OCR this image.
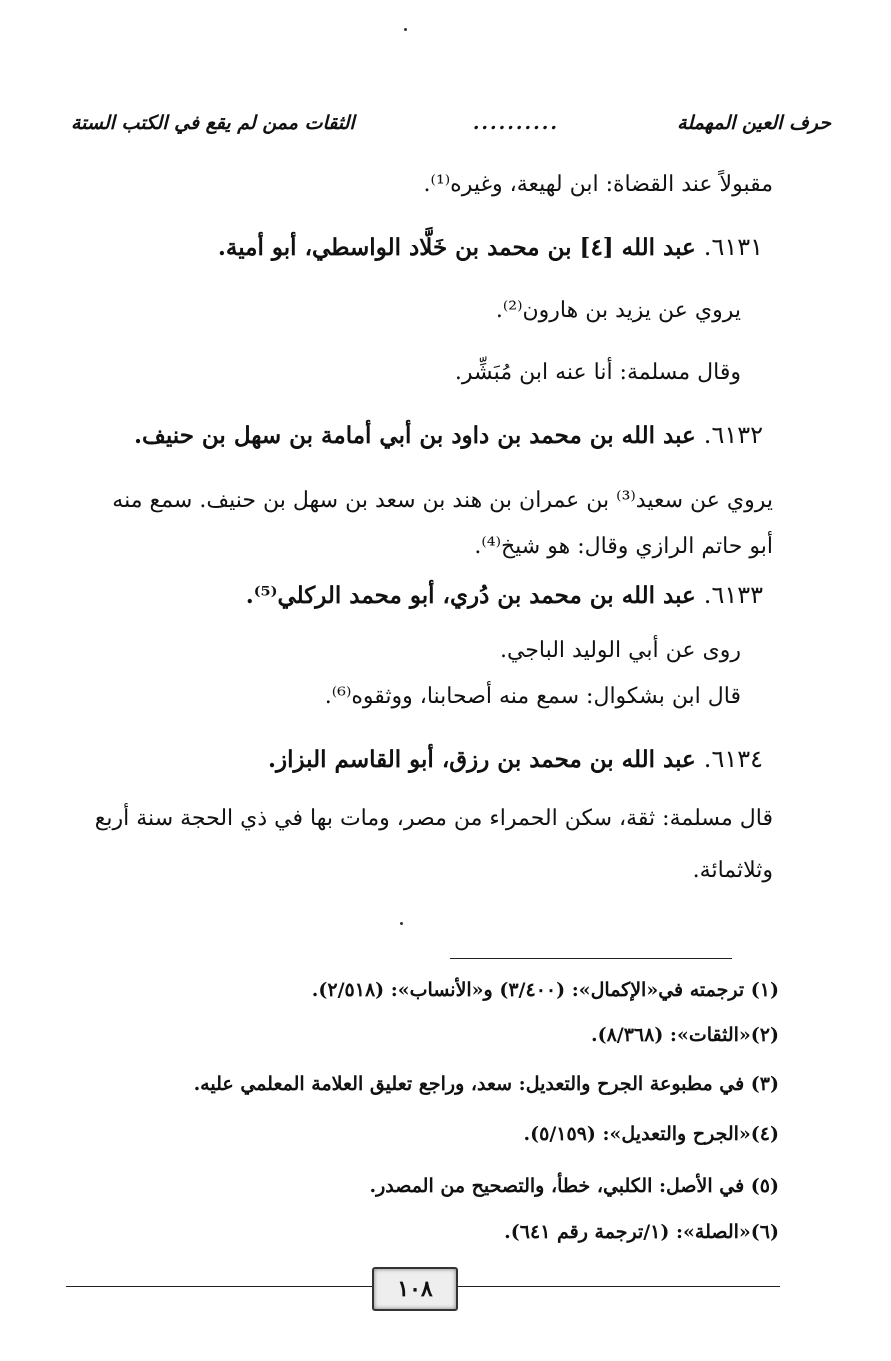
حرف العين المهملة
..........
الثقات ممن لم يقع في الكتب الستة
مقبولاً عند القضاة: ابن لهيعة، وغيره⁽¹⁾.
٦١٣١. عبد الله [٤] بن محمد بن خَلَّاد الواسطي، أبو أمية.
يروي عن يزيد بن هارون⁽²⁾.
وقال مسلمة: أنا عنه ابن مُبَشِّر.
٦١٣٢. عبد الله بن محمد بن داود بن أبي أمامة بن سهل بن حنيف.
يروي عن سعيد⁽³⁾ بن عمران بن هند بن سعد بن سهل بن حنيف. سمع منه
أبو حاتم الرازي وقال: هو شيخ⁽⁴⁾.
٦١٣٣. عبد الله بن محمد بن دُري، أبو محمد الركلي⁽⁵⁾.
روى عن أبي الوليد الباجي.
قال ابن بشكوال: سمع منه أصحابنا، ووثقوه⁽⁶⁾.
٦١٣٤. عبد الله بن محمد بن رزق، أبو القاسم البزاز.
قال مسلمة: ثقة، سكن الحمراء من مصر، ومات بها في ذي الحجة سنة أربع
وثلاثمائة.
(١) ترجمته في«الإكمال»: (٣/٤٠٠) و«الأنساب»: (٢/٥١٨).
(٢)«الثقات»: (٨/٣٦٨).
(٣) في مطبوعة الجرح والتعديل: سعد، وراجع تعليق العلامة المعلمي عليه.
(٤)«الجرح والتعديل»: (٥/١٥٩).
(٥) في الأصل: الكلبي، خطأ، والتصحيح من المصدر.
(٦)«الصلة»: (١/ترجمة رقم ٦٤١).
١٠٨
